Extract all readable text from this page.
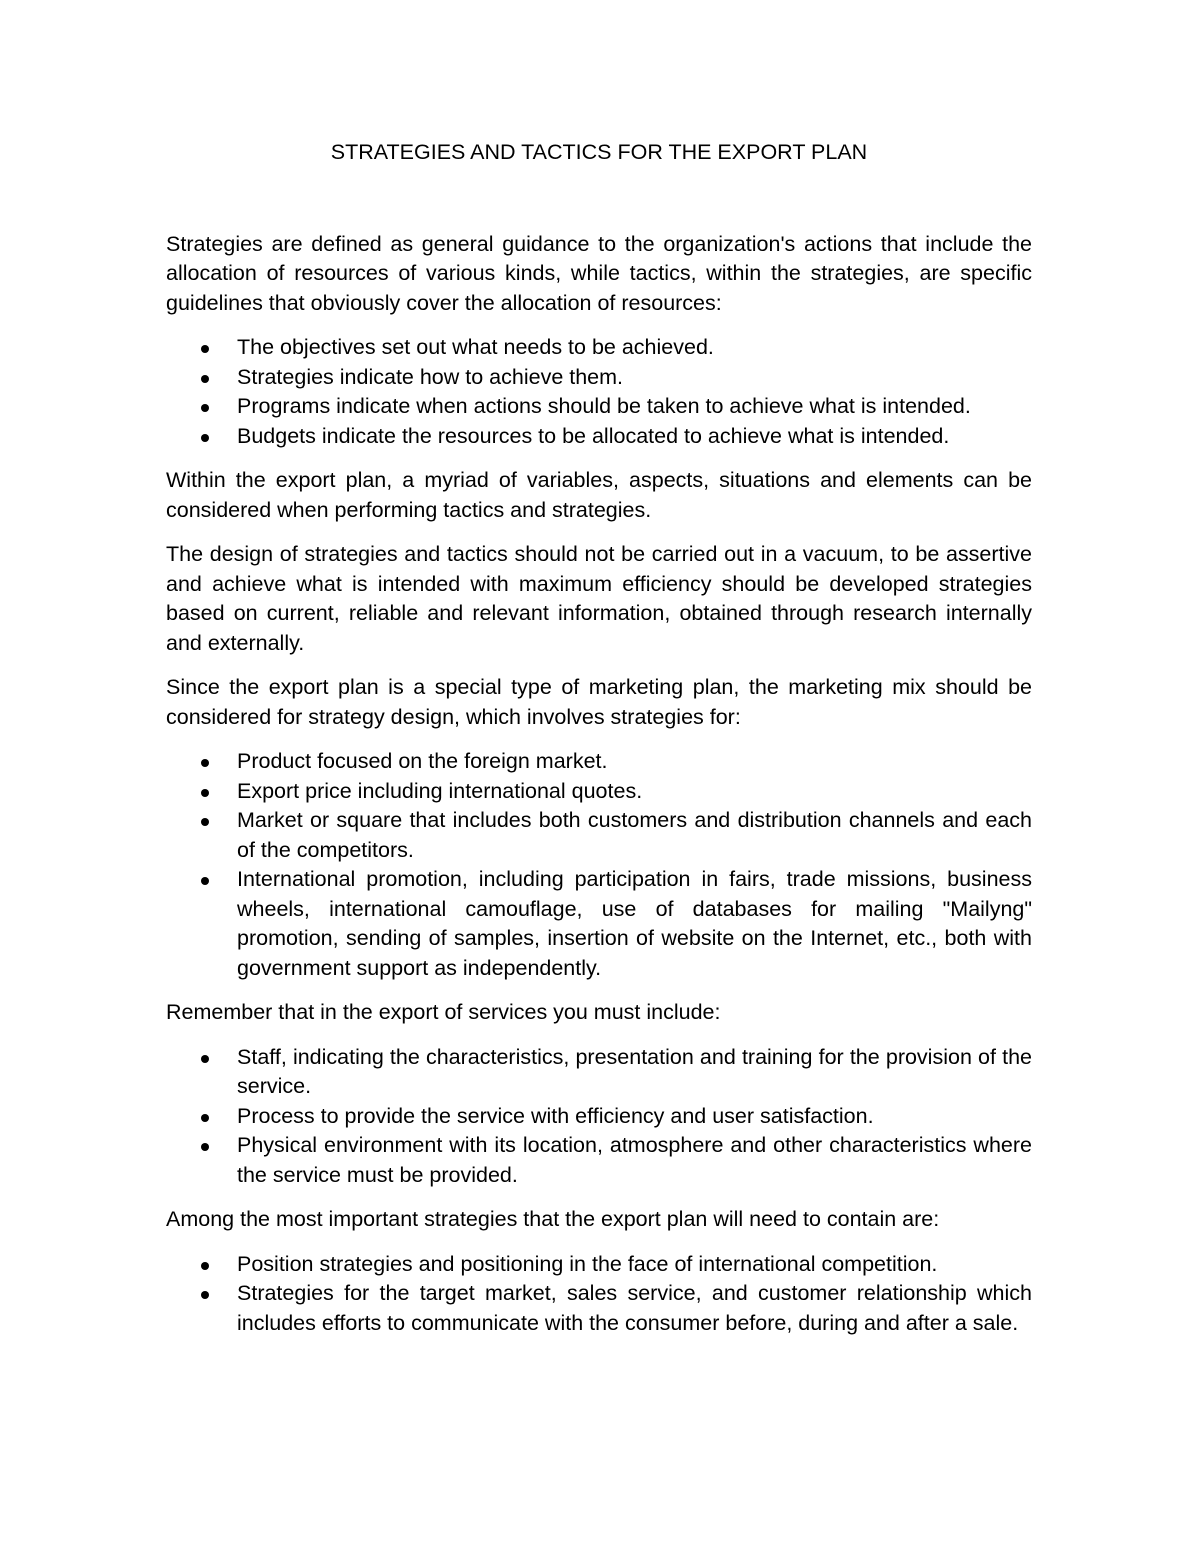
STRATEGIES AND TACTICS FOR THE EXPORT PLAN

Strategies are defined as general guidance to the organization's actions that include the allocation of resources of various kinds, while tactics, within the strategies, are specific guidelines that obviously cover the allocation of resources:

The objectives set out what needs to be achieved.
Strategies indicate how to achieve them.
Programs indicate when actions should be taken to achieve what is intended.
Budgets indicate the resources to be allocated to achieve what is intended.

Within the export plan, a myriad of variables, aspects, situations and elements can be considered when performing tactics and strategies.

The design of strategies and tactics should not be carried out in a vacuum, to be assertive and achieve what is intended with maximum efficiency should be developed strategies based on current, reliable and relevant information, obtained through research internally and externally.

Since the export plan is a special type of marketing plan, the marketing mix should be considered for strategy design, which involves strategies for:

Product focused on the foreign market.
Export price including international quotes.
Market or square that includes both customers and distribution channels and each of the competitors.
International promotion, including participation in fairs, trade missions, business wheels, international camouflage, use of databases for mailing "Mailyng" promotion, sending of samples, insertion of website on the Internet, etc., both with government support as independently.

Remember that in the export of services you must include:

Staff, indicating the characteristics, presentation and training for the provision of the service.
Process to provide the service with efficiency and user satisfaction.
Physical environment with its location, atmosphere and other characteristics where the service must be provided.

Among the most important strategies that the export plan will need to contain are:

Position strategies and positioning in the face of international competition.
Strategies for the target market, sales service, and customer relationship which includes efforts to communicate with the consumer before, during and after a sale.
